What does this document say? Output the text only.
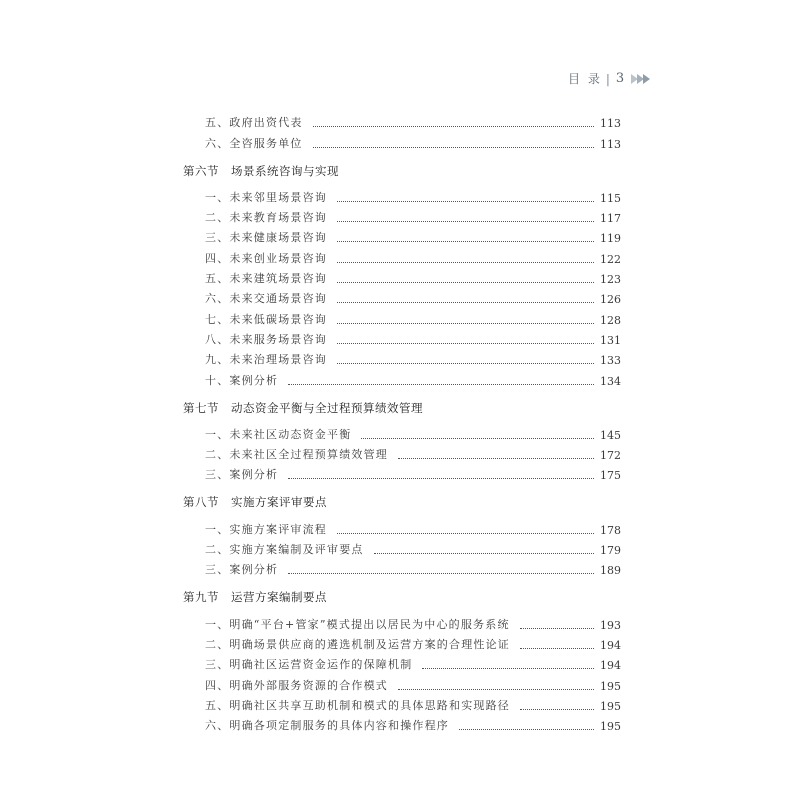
目 录 | 3
五、政府出资代表	113
六、全咨服务单位	113
第六节 场景系统咨询与实现
一、未来邻里场景咨询	115
二、未来教育场景咨询	117
三、未来健康场景咨询	119
四、未来创业场景咨询	122
五、未来建筑场景咨询	123
六、未来交通场景咨询	126
七、未来低碳场景咨询	128
八、未来服务场景咨询	131
九、未来治理场景咨询	133
十、案例分析	134
第七节 动态资金平衡与全过程预算绩效管理
一、未来社区动态资金平衡	145
二、未来社区全过程预算绩效管理	172
三、案例分析	175
第八节 实施方案评审要点
一、实施方案评审流程	178
二、实施方案编制及评审要点	179
三、案例分析	189
第九节 运营方案编制要点
一、明确“平台+管家”模式提出以居民为中心的服务系统	193
二、明确场景供应商的遴选机制及运营方案的合理性论证	194
三、明确社区运营资金运作的保障机制	194
四、明确外部服务资源的合作模式	195
五、明确社区共享互助机制和模式的具体思路和实现路径	195
六、明确各项定制服务的具体内容和操作程序	195
